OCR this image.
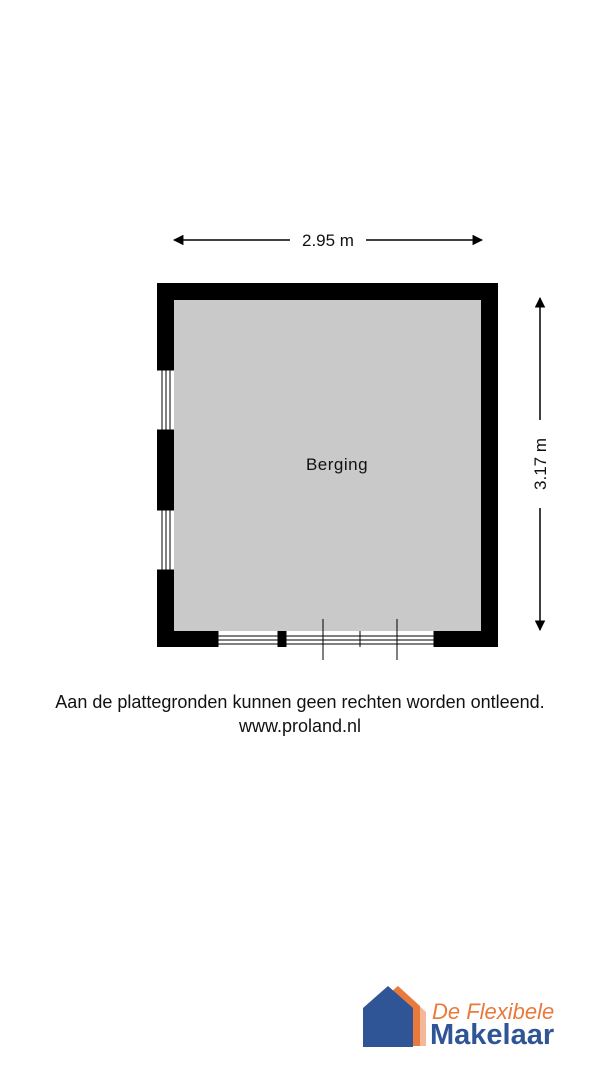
2.95 m
3.17 m
Berging
Aan de plattegronden kunnen geen rechten worden ontleend.
www.proland.nl
De Flexibele
Makelaar
